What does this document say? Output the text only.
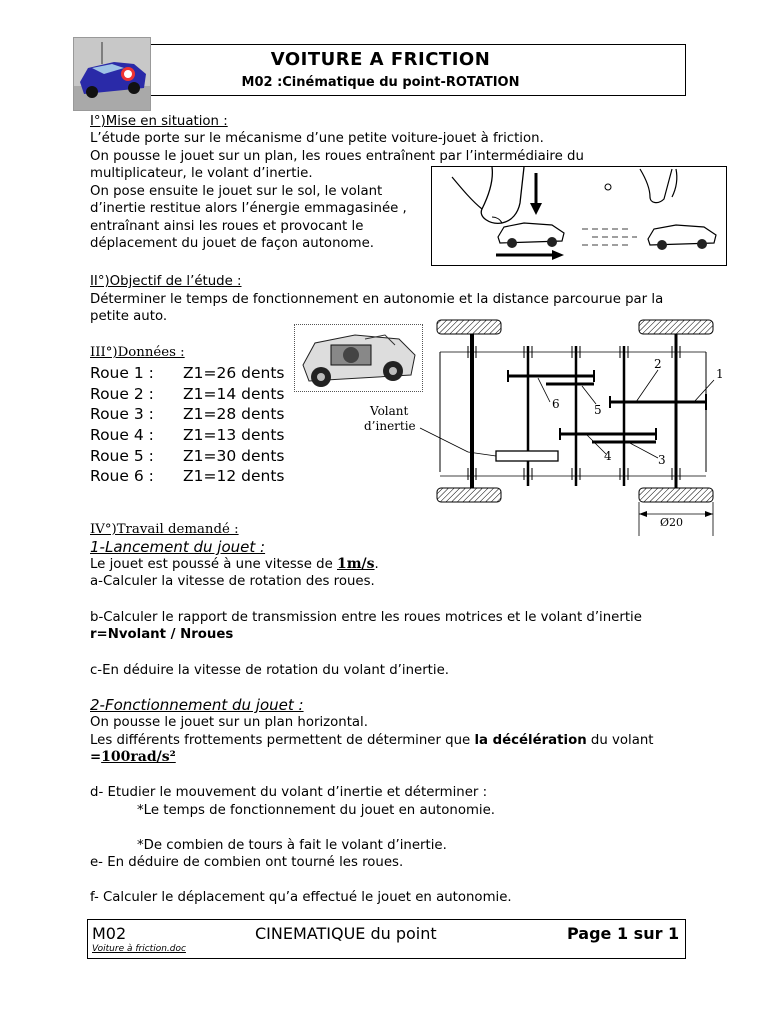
VOITURE A FRICTION
M02 :Cinématique du point-ROTATION
I°)Mise en situation :
L’étude porte sur le mécanisme d’une petite voiture-jouet à friction.
On pousse le jouet sur un plan, les roues entraînent par l’intermédiaire du
multiplicateur, le volant d’inertie.
On pose ensuite le jouet sur le sol, le volant
d’inertie restitue alors l’énergie emmagasinée ,
entraînant ainsi les roues et provocant le
déplacement du jouet de façon autonome.
II°)Objectif de l’étude :
Déterminer le temps de fonctionnement en autonomie et la distance parcourue par la
petite auto.
III°)Données :
Roue 1 : Z1=26 dents
Roue 2 : Z1=14 dents
Roue 3 : Z1=28 dents
Roue 4 : Z1=13 dents
Roue 5 : Z1=30 dents
Roue 6 : Z1=12 dents
Volant
d’inertie
1
2
3
4
5
6
Ø20
IV°)Travail demandé :
1-Lancement du jouet :
Le jouet est poussé à une vitesse de 1m/s.
a-Calculer la vitesse de rotation des roues.
b-Calculer le rapport de transmission entre les roues motrices et le volant d’inertie
r=Nvolant / Nroues
c-En déduire la vitesse de rotation du volant d’inertie.
2-Fonctionnement du jouet :
On pousse le jouet sur un plan horizontal.
Les différents frottements permettent de déterminer que la décélération du volant
=100rad/s²
d- Etudier le mouvement du volant d’inertie et déterminer :
*Le temps de fonctionnement du jouet en autonomie.
*De combien de tours à fait le volant d’inertie.
e- En déduire de combien ont tourné les roues.
f- Calculer le déplacement qu’a effectué le jouet en autonomie.
M02	CINEMATIQUE du point	Page 1 sur 1
Voiture à friction.doc
